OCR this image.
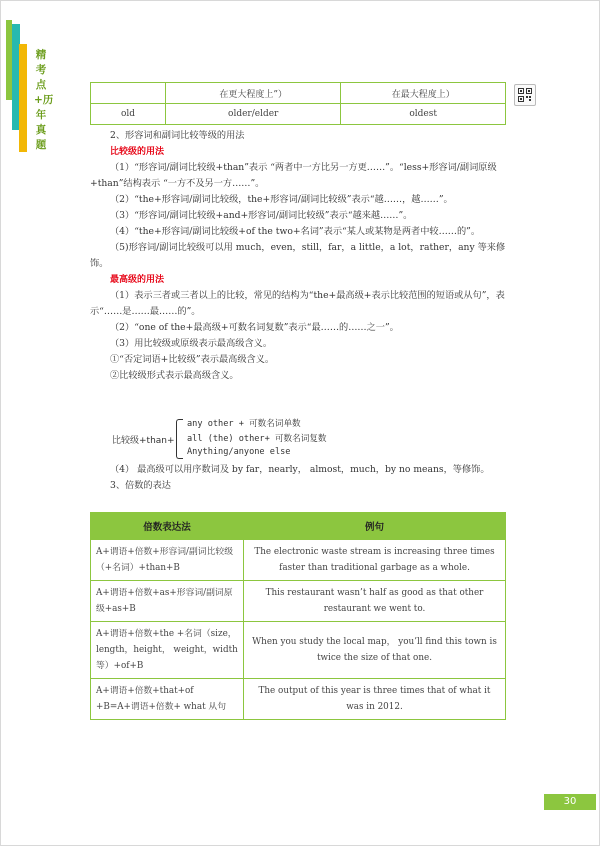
精考点+历年真题
	在更大程度上”）	在最大程度上）
old	older/elder	oldest
2、形容词和副词比较等级的用法
比较级的用法
（1）“形容词/副词比较级+than”表示 “两者中一方比另一方更……”。“less+形容词/副词原级+than”结构表示 “一方不及另一方……”。
（2）“the+形容词/副词比较级，the+形容词/副词比较级”表示“越……，越……”。
（3）“形容词/副词比较级+and+形容词/副词比较级”表示“越来越……”。
（4）“the+形容词/副词比较级+of the two+名词”表示“某人或某物是两者中较……的”。
（5)形容词/副词比较级可以用 much，even，still，far，a little，a lot，rather，any 等来修饰。
最高级的用法
（1）表示三者或三者以上的比较，常见的结构为“the+最高级+表示比较范围的短语或从句”，表示“……是……最……的”。
（2）“one of the+最高级+可数名词复数”表示“最……的……之一”。
（3）用比较级或原级表示最高级含义。
①“否定词语+比较级”表示最高级含义。
②比较级形式表示最高级含义。
比较级+than+
any other + 可数名词单数
all (the) other+ 可数名词复数
Anything/anyone else
（4） 最高级可以用序数词及 by far，nearly， almost，much，by no means，等修饰。
3、倍数的表达
倍数表达法	例句
A+谓语+倍数+形容词/副词比较级（+名词）+than+B	The electronic waste stream is increasing three times faster than traditional garbage as a whole.
A+谓语+倍数+as+形容词/副词原级+as+B	This restaurant wasn’t half as good as that other restaurant we went to.
A+谓语+倍数+the +名词（size，length，height， weight，width 等）+of+B	When you study the local map， you’ll find this town is twice the size of that one.
A+谓语+倍数+that+of +B=A+谓语+倍数+ what 从句	The output of this year is three times that of what it was in 2012.
30
